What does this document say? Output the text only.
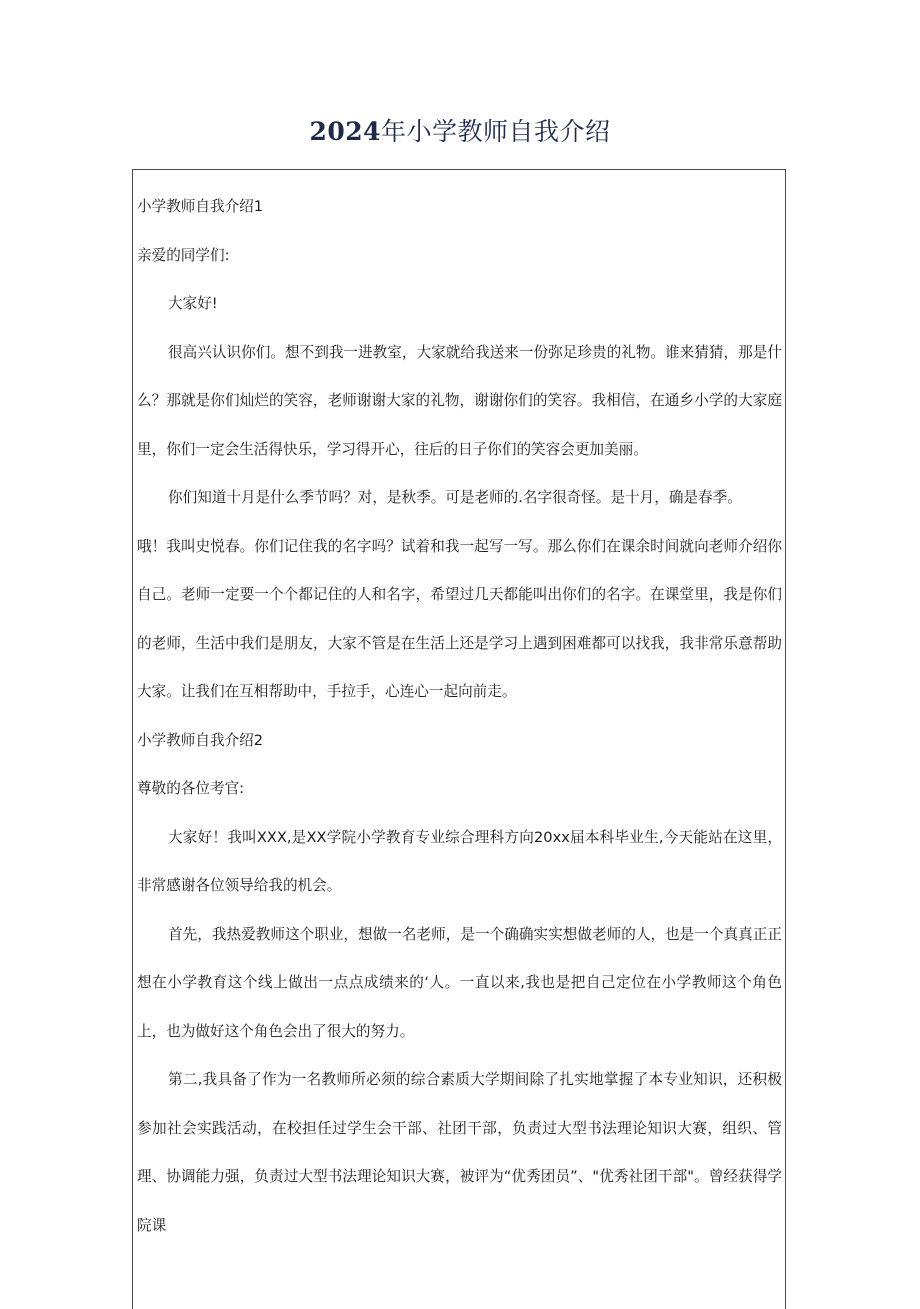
2024年小学教师自我介绍

小学教师自我介绍1

亲爱的同学们:

大家好!

很高兴认识你们。想不到我一进教室，大家就给我送来一份弥足珍贵的礼物。谁来猜猜，那是什么？那就是你们灿烂的笑容，老师谢谢大家的礼物，谢谢你们的笑容。我相信，在通乡小学的大家庭里，你们一定会生活得快乐，学习得开心，往后的日子你们的笑容会更加美丽。

你们知道十月是什么季节吗？对，是秋季。可是老师的.名字很奇怪。是十月，确是春季。

哦！我叫史悦春。你们记住我的名字吗？试着和我一起写一写。那么你们在课余时间就向老师介绍你自己。老师一定要一个个都记住的人和名字，希望过几天都能叫出你们的名字。在课堂里，我是你们的老师，生活中我们是朋友，大家不管是在生活上还是学习上遇到困难都可以找我，我非常乐意帮助大家。让我们在互相帮助中，手拉手，心连心一起向前走。

小学教师自我介绍2

尊敬的各位考官:

大家好！我叫XXX,是XX学院小学教育专业综合理科方向20xx届本科毕业生,今天能站在这里，非常感谢各位领导给我的机会。

首先，我热爱教师这个职业，想做一名老师，是一个确确实实想做老师的人，也是一个真真正正想在小学教育这个线上做出一点点成绩来的‘人。一直以来,我也是把自己定位在小学教师这个角色上，也为做好这个角色会出了很大的努力。

第二,我具备了作为一名教师所必须的综合素质大学期间除了扎实地掌握了本专业知识，还积极参加社会实践活动，在校担任过学生会干部、社团干部，负责过大型书法理论知识大赛，组织、管理、协调能力强，负责过大型书法理论知识大赛，被评为“优秀团员”、"优秀社团干部"。曾经获得学院课
